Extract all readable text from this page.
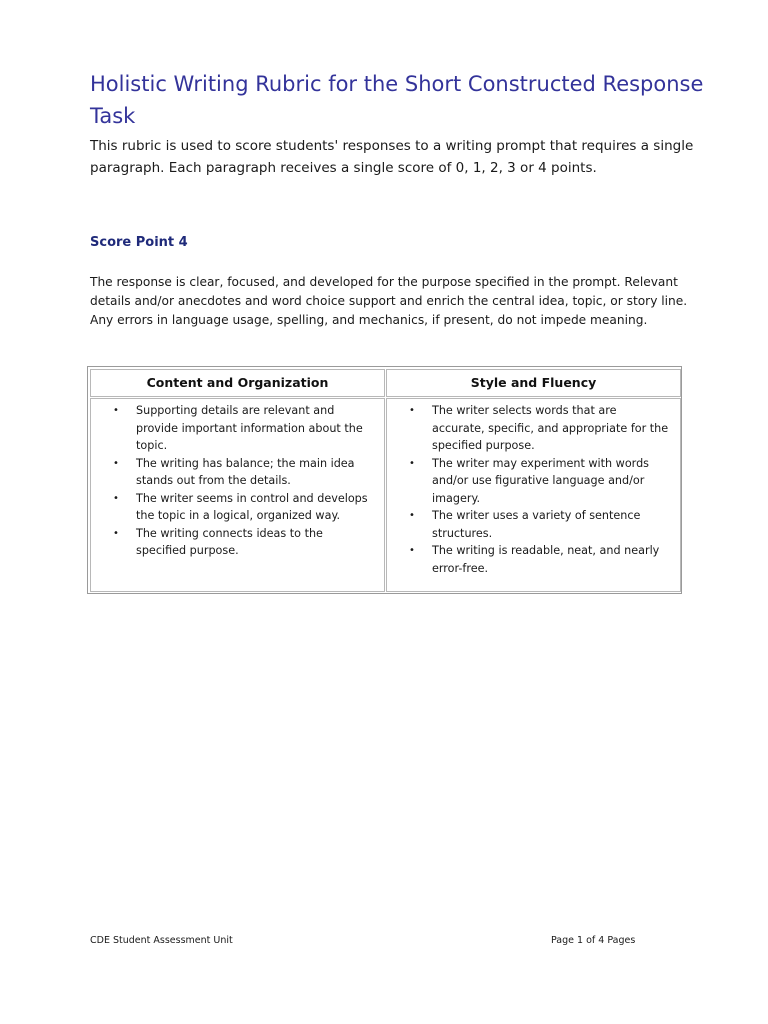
Holistic Writing Rubric for the Short Constructed Response Task

This rubric is used to score students' responses to a writing prompt that requires a single paragraph. Each paragraph receives a single score of 0, 1, 2, 3 or 4 points.

Score Point 4

The response is clear, focused, and developed for the purpose specified in the prompt. Relevant details and/or anecdotes and word choice support and enrich the central idea, topic, or story line. Any errors in language usage, spelling, and mechanics, if present, do not impede meaning.

Content and Organization	Style and Fluency
• Supporting details are relevant and provide important information about the topic.
• The writing has balance; the main idea stands out from the details.
• The writer seems in control and develops the topic in a logical, organized way.
• The writing connects ideas to the specified purpose.
• The writer selects words that are accurate, specific, and appropriate for the specified purpose.
• The writer may experiment with words and/or use figurative language and/or imagery.
• The writer uses a variety of sentence structures.
• The writing is readable, neat, and nearly error-free.
CDE Student Assessment Unit	Page 1 of 4 Pages
